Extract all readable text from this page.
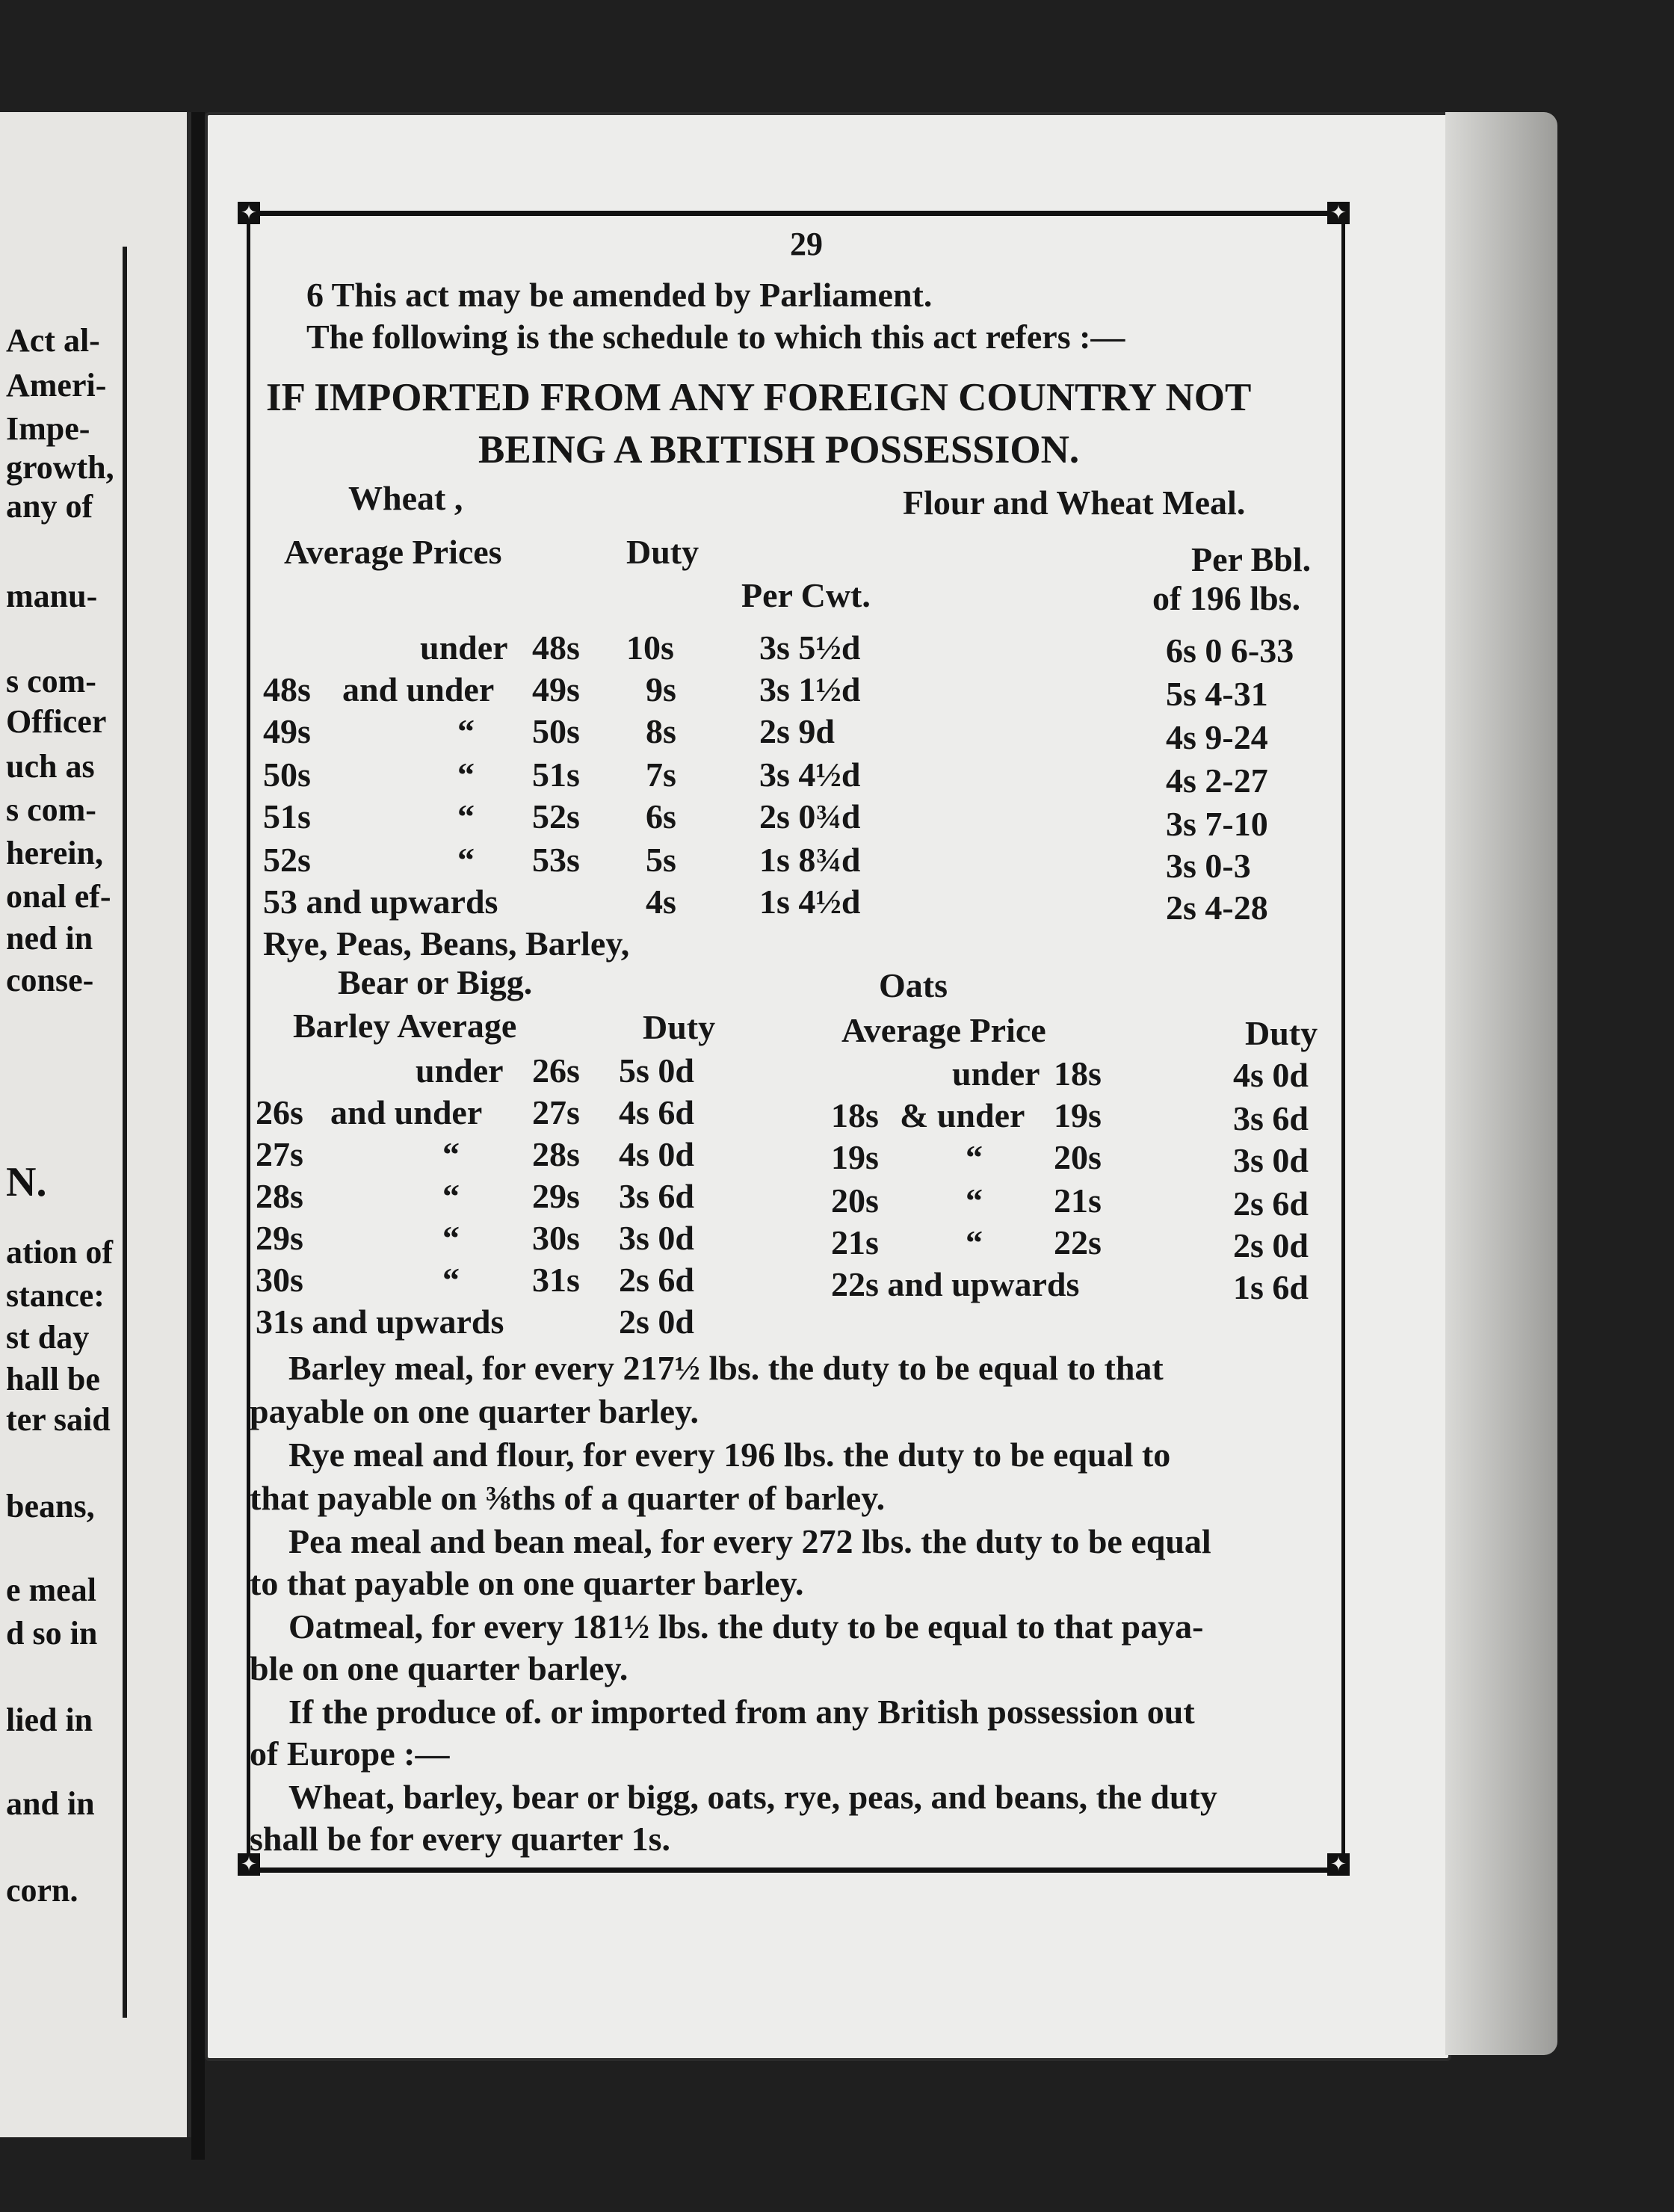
Act al-
Ameri-
Impe-
growth,
any of
manu-
s com-
Officer
uch as
s com-
herein,
onal ef-
ned in
conse-
N.
ation of
stance:
st day
hall be
ter said
beans,
e meal
d so in
lied in
and in
corn.
✦	✦
✦	✦
29
6 This act may be amended by Parliament.
The following is the schedule to which this act refers :—
IF IMPORTED FROM ANY FOREIGN COUNTRY NOT
BEING A BRITISH POSSESSION.
Wheat ,	Flour and Wheat Meal.
Average Prices	Duty
Per Cwt.
Per Bbl.
of 196 lbs.
under 48s 10s 3s 5½d	6s 0 6-33
48s and under 49s 9s 3s 1½d	5s 4-31
49s	“ 50s 8s 2s 9d	4s 9-24
50s	“ 51s 7s 3s 4½d	4s 2-27
51s	“ 52s 6s 2s 0¾d	3s 7-10
52s	“ 53s 5s 1s 8¾d	3s 0-3
53 and upwards	4s 1s 4½d	2s 4-28
Rye, Peas, Beans, Barley,
Bear or Bigg.	Oats
Barley Average	Duty	Average Price	Duty
under 26s 5s 0d	under 18s	4s 0d
26s and under 27s 4s 6d	18s & under 19s	3s 6d
27s	“ 28s 4s 0d	19s	“ 20s	3s 0d
28s	“ 29s 3s 6d	20s	“ 21s	2s 6d
29s	“ 30s 3s 0d	21s	“ 22s	2s 0d
30s	“ 31s 2s 6d	22s and upwards	1s 6d
31s and upwards	2s 0d
Barley meal, for every 217½ lbs. the duty to be equal to that
payable on one quarter barley.
Rye meal and flour, for every 196 lbs. the duty to be equal to
that payable on ⅜ths of a quarter of barley.
Pea meal and bean meal, for every 272 lbs. the duty to be equal
to that payable on one quarter barley.
Oatmeal, for every 181½ lbs. the duty to be equal to that paya-
ble on one quarter barley.
If the produce of. or imported from any British possession out
of Europe :—
Wheat, barley, bear or bigg, oats, rye, peas, and beans, the duty
shall be for every quarter 1s.
